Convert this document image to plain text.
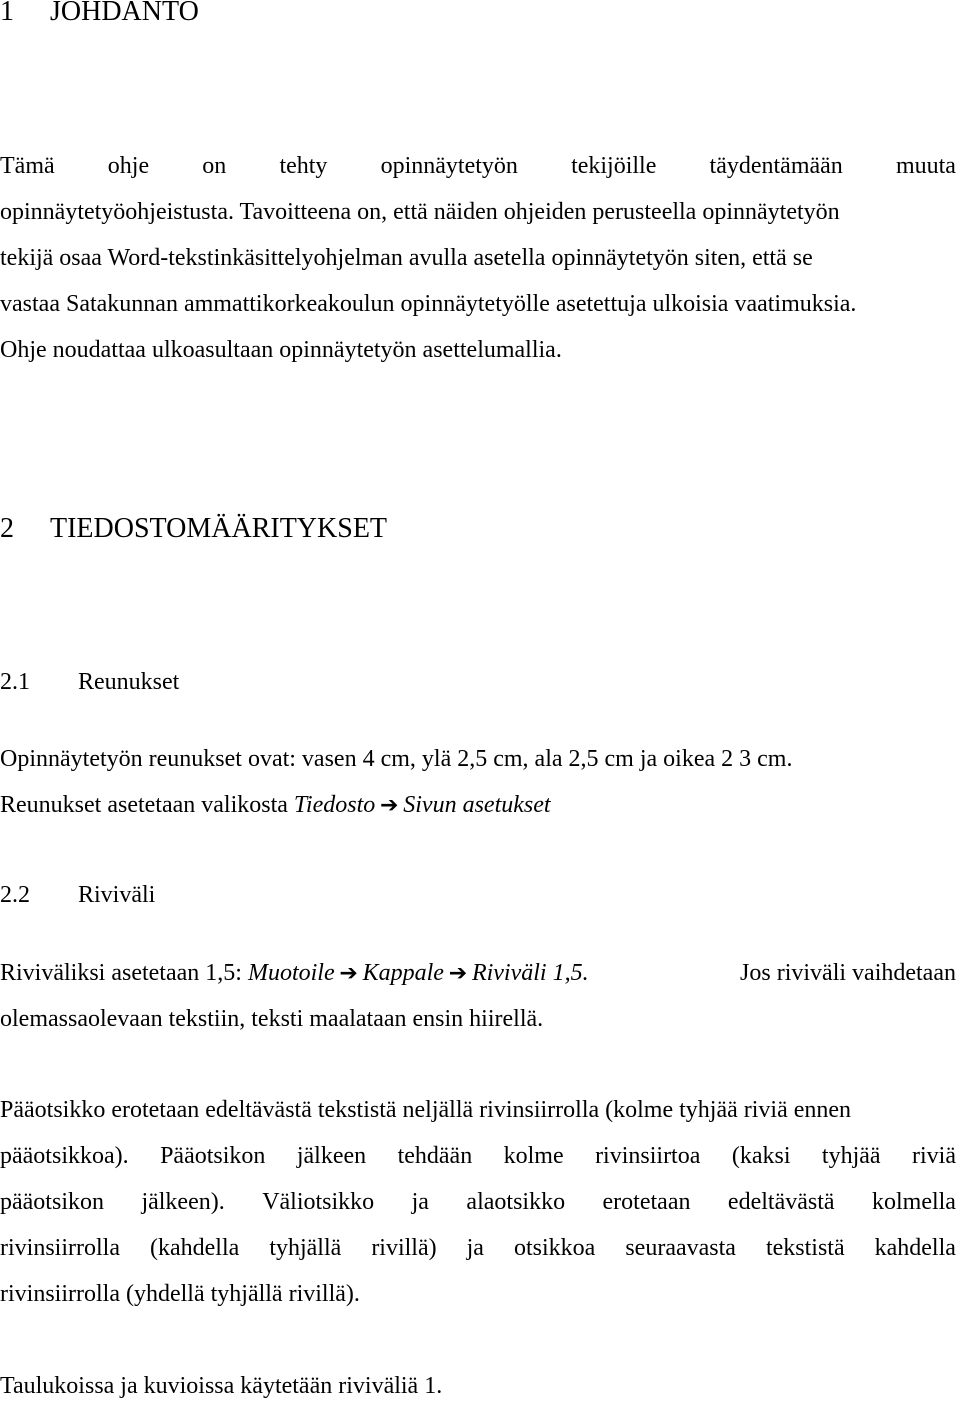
1 JOHDANTO
Tämä ohje on tehty opinnäytetyön tekijöille täydentämään muuta
opinnäytetyöohjeistusta. Tavoitteena on, että näiden ohjeiden perusteella opinnäytetyön
tekijä osaa Word-tekstinkäsittelyohjelman avulla asetella opinnäytetyön siten, että se
vastaa Satakunnan ammattikorkeakoulun opinnäytetyölle asetettuja ulkoisia vaatimuksia.
Ohje noudattaa ulkoasultaan opinnäytetyön asettelumallia.
2 TIEDOSTOMÄÄRITYKSET
2.1 Reunukset
Opinnäytetyön reunukset ovat: vasen 4 cm, ylä 2,5 cm, ala 2,5 cm ja oikea 2 3 cm.
Reunukset asetetaan valikosta Tiedosto ➔ Sivun asetukset
2.2 Riviväli
Riviväliksi asetetaan 1,5: Muotoile ➔ Kappale ➔ Riviväli 1,5.	Jos riviväli vaihdetaan
olemassaolevaan tekstiin, teksti maalataan ensin hiirellä.
Pääotsikko erotetaan edeltävästä tekstistä neljällä rivinsiirrolla (kolme tyhjää riviä ennen
pääotsikkoa). Pääotsikon jälkeen tehdään kolme rivinsiirtoa (kaksi tyhjää riviä
pääotsikon jälkeen). Väliotsikko ja alaotsikko erotetaan edeltävästä kolmella
rivinsiirrolla (kahdella tyhjällä rivillä) ja otsikkoa seuraavasta tekstistä kahdella
rivinsiirrolla (yhdellä tyhjällä rivillä).
Taulukoissa ja kuvioissa käytetään riviväliä 1.
